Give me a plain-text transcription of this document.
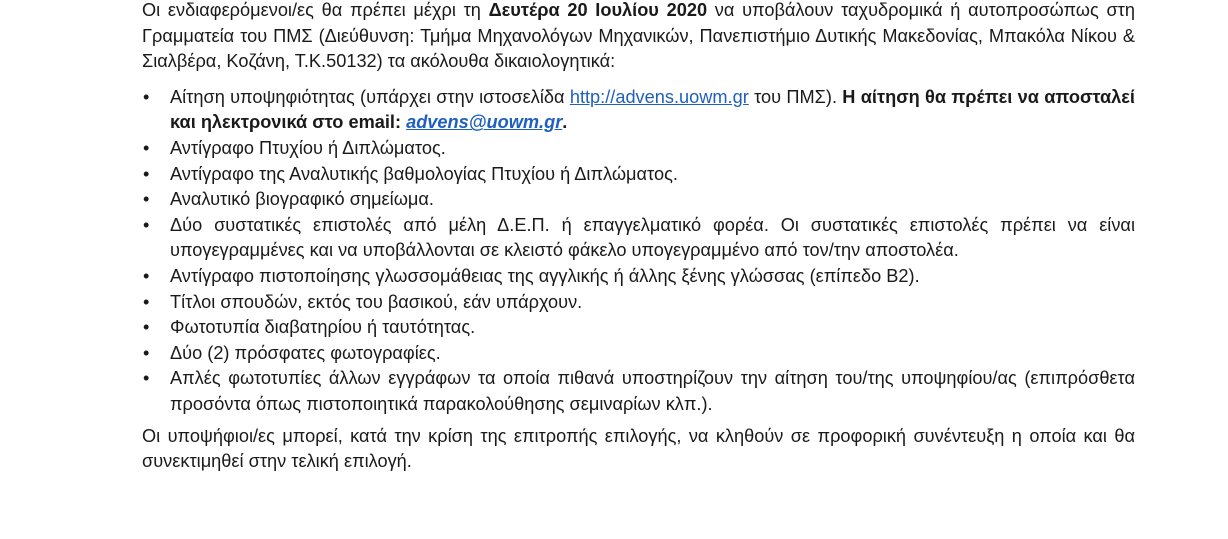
Οι ενδιαφερόμενοι/ες θα πρέπει μέχρι τη Δευτέρα 20 Ιουλίου 2020 να υποβάλουν ταχυδρομικά ή αυτοπροσώπως στη Γραμματεία του ΠΜΣ (Διεύθυνση: Τμήμα Μηχανολόγων Μηχανικών, Πανεπιστήμιο Δυτικής Μακεδονίας, Μπακόλα Νίκου & Σιαλβέρα, Κοζάνη, Τ.Κ.50132) τα ακόλουθα δικαιολογητικά:

•	Αίτηση υποψηφιότητας (υπάρχει στην ιστοσελίδα http://advens.uowm.gr του ΠΜΣ). Η αίτηση θα πρέπει να αποσταλεί και ηλεκτρονικά στο email: advens@uowm.gr.
•	Αντίγραφο Πτυχίου ή Διπλώματος.
•	Αντίγραφο της Αναλυτικής βαθμολογίας Πτυχίου ή Διπλώματος.
•	Αναλυτικό βιογραφικό σημείωμα.
•	Δύο συστατικές επιστολές από μέλη Δ.Ε.Π. ή επαγγελματικό φορέα. Οι συστατικές επιστολές πρέπει να είναι υπογεγραμμένες και να υποβάλλονται σε κλειστό φάκελο υπογεγραμμένο από τον/την αποστολέα.
•	Αντίγραφο πιστοποίησης γλωσσομάθειας της αγγλικής ή άλλης ξένης γλώσσας (επίπεδο Β2).
•	Τίτλοι σπουδών, εκτός του βασικού, εάν υπάρχουν.
•	Φωτοτυπία διαβατηρίου ή ταυτότητας.
•	Δύο (2) πρόσφατες φωτογραφίες.
•	Απλές φωτοτυπίες άλλων εγγράφων τα οποία πιθανά υποστηρίζουν την αίτηση του/της υποψηφίου/ας (επιπρόσθετα προσόντα όπως πιστοποιητικά παρακολούθησης σεμιναρίων κλπ.).

Οι υποψήφιοι/ες μπορεί, κατά την κρίση της επιτροπής επιλογής, να κληθούν σε προφορική συνέντευξη η οποία και θα συνεκτιμηθεί στην τελική επιλογή.
